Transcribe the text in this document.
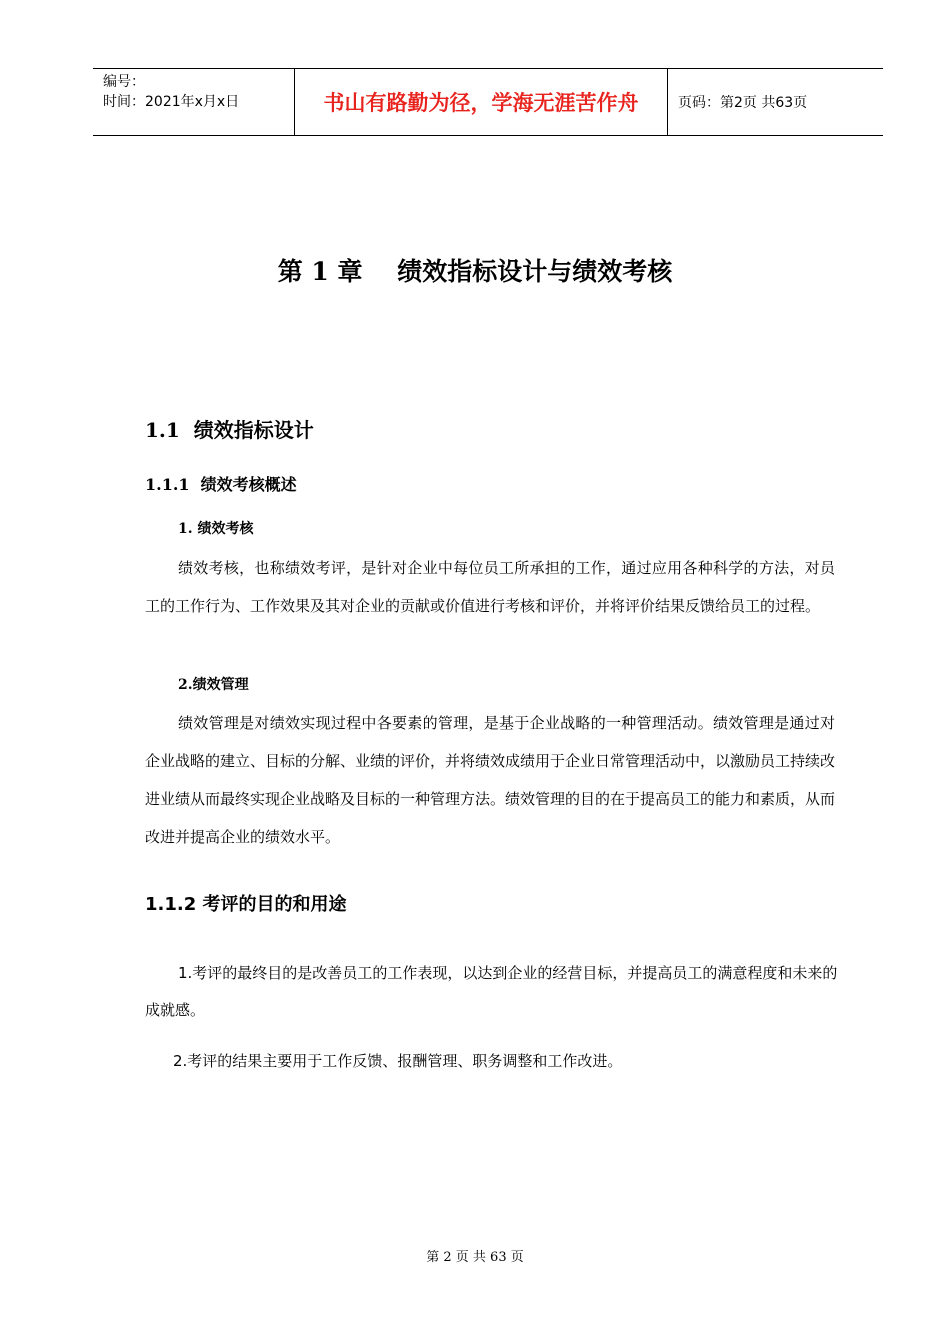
编号：
时间：2021年x月x日	书山有路勤为径，学海无涯苦作舟	页码：第2页 共63页
第 1 章    绩效指标设计与绩效考核
1.1  绩效指标设计
1.1.1  绩效考核概述
1. 绩效考核
绩效考核，也称绩效考评，是针对企业中每位员工所承担的工作，通过应用各种科学的方法，对员工的工作行为、工作效果及其对企业的贡献或价值进行考核和评价，并将评价结果反馈给员工的过程。
2.绩效管理
绩效管理是对绩效实现过程中各要素的管理，是基于企业战略的一种管理活动。绩效管理是通过对企业战略的建立、目标的分解、业绩的评价，并将绩效成绩用于企业日常管理活动中，以激励员工持续改进业绩从而最终实现企业战略及目标的一种管理方法。绩效管理的目的在于提高员工的能力和素质，从而改进并提高企业的绩效水平。
1.1.2 考评的目的和用途
1.考评的最终目的是改善员工的工作表现，以达到企业的经营目标，并提高员工的满意程度和未来的成就感。
2.考评的结果主要用于工作反馈、报酬管理、职务调整和工作改进。
第 2 页 共 63 页
